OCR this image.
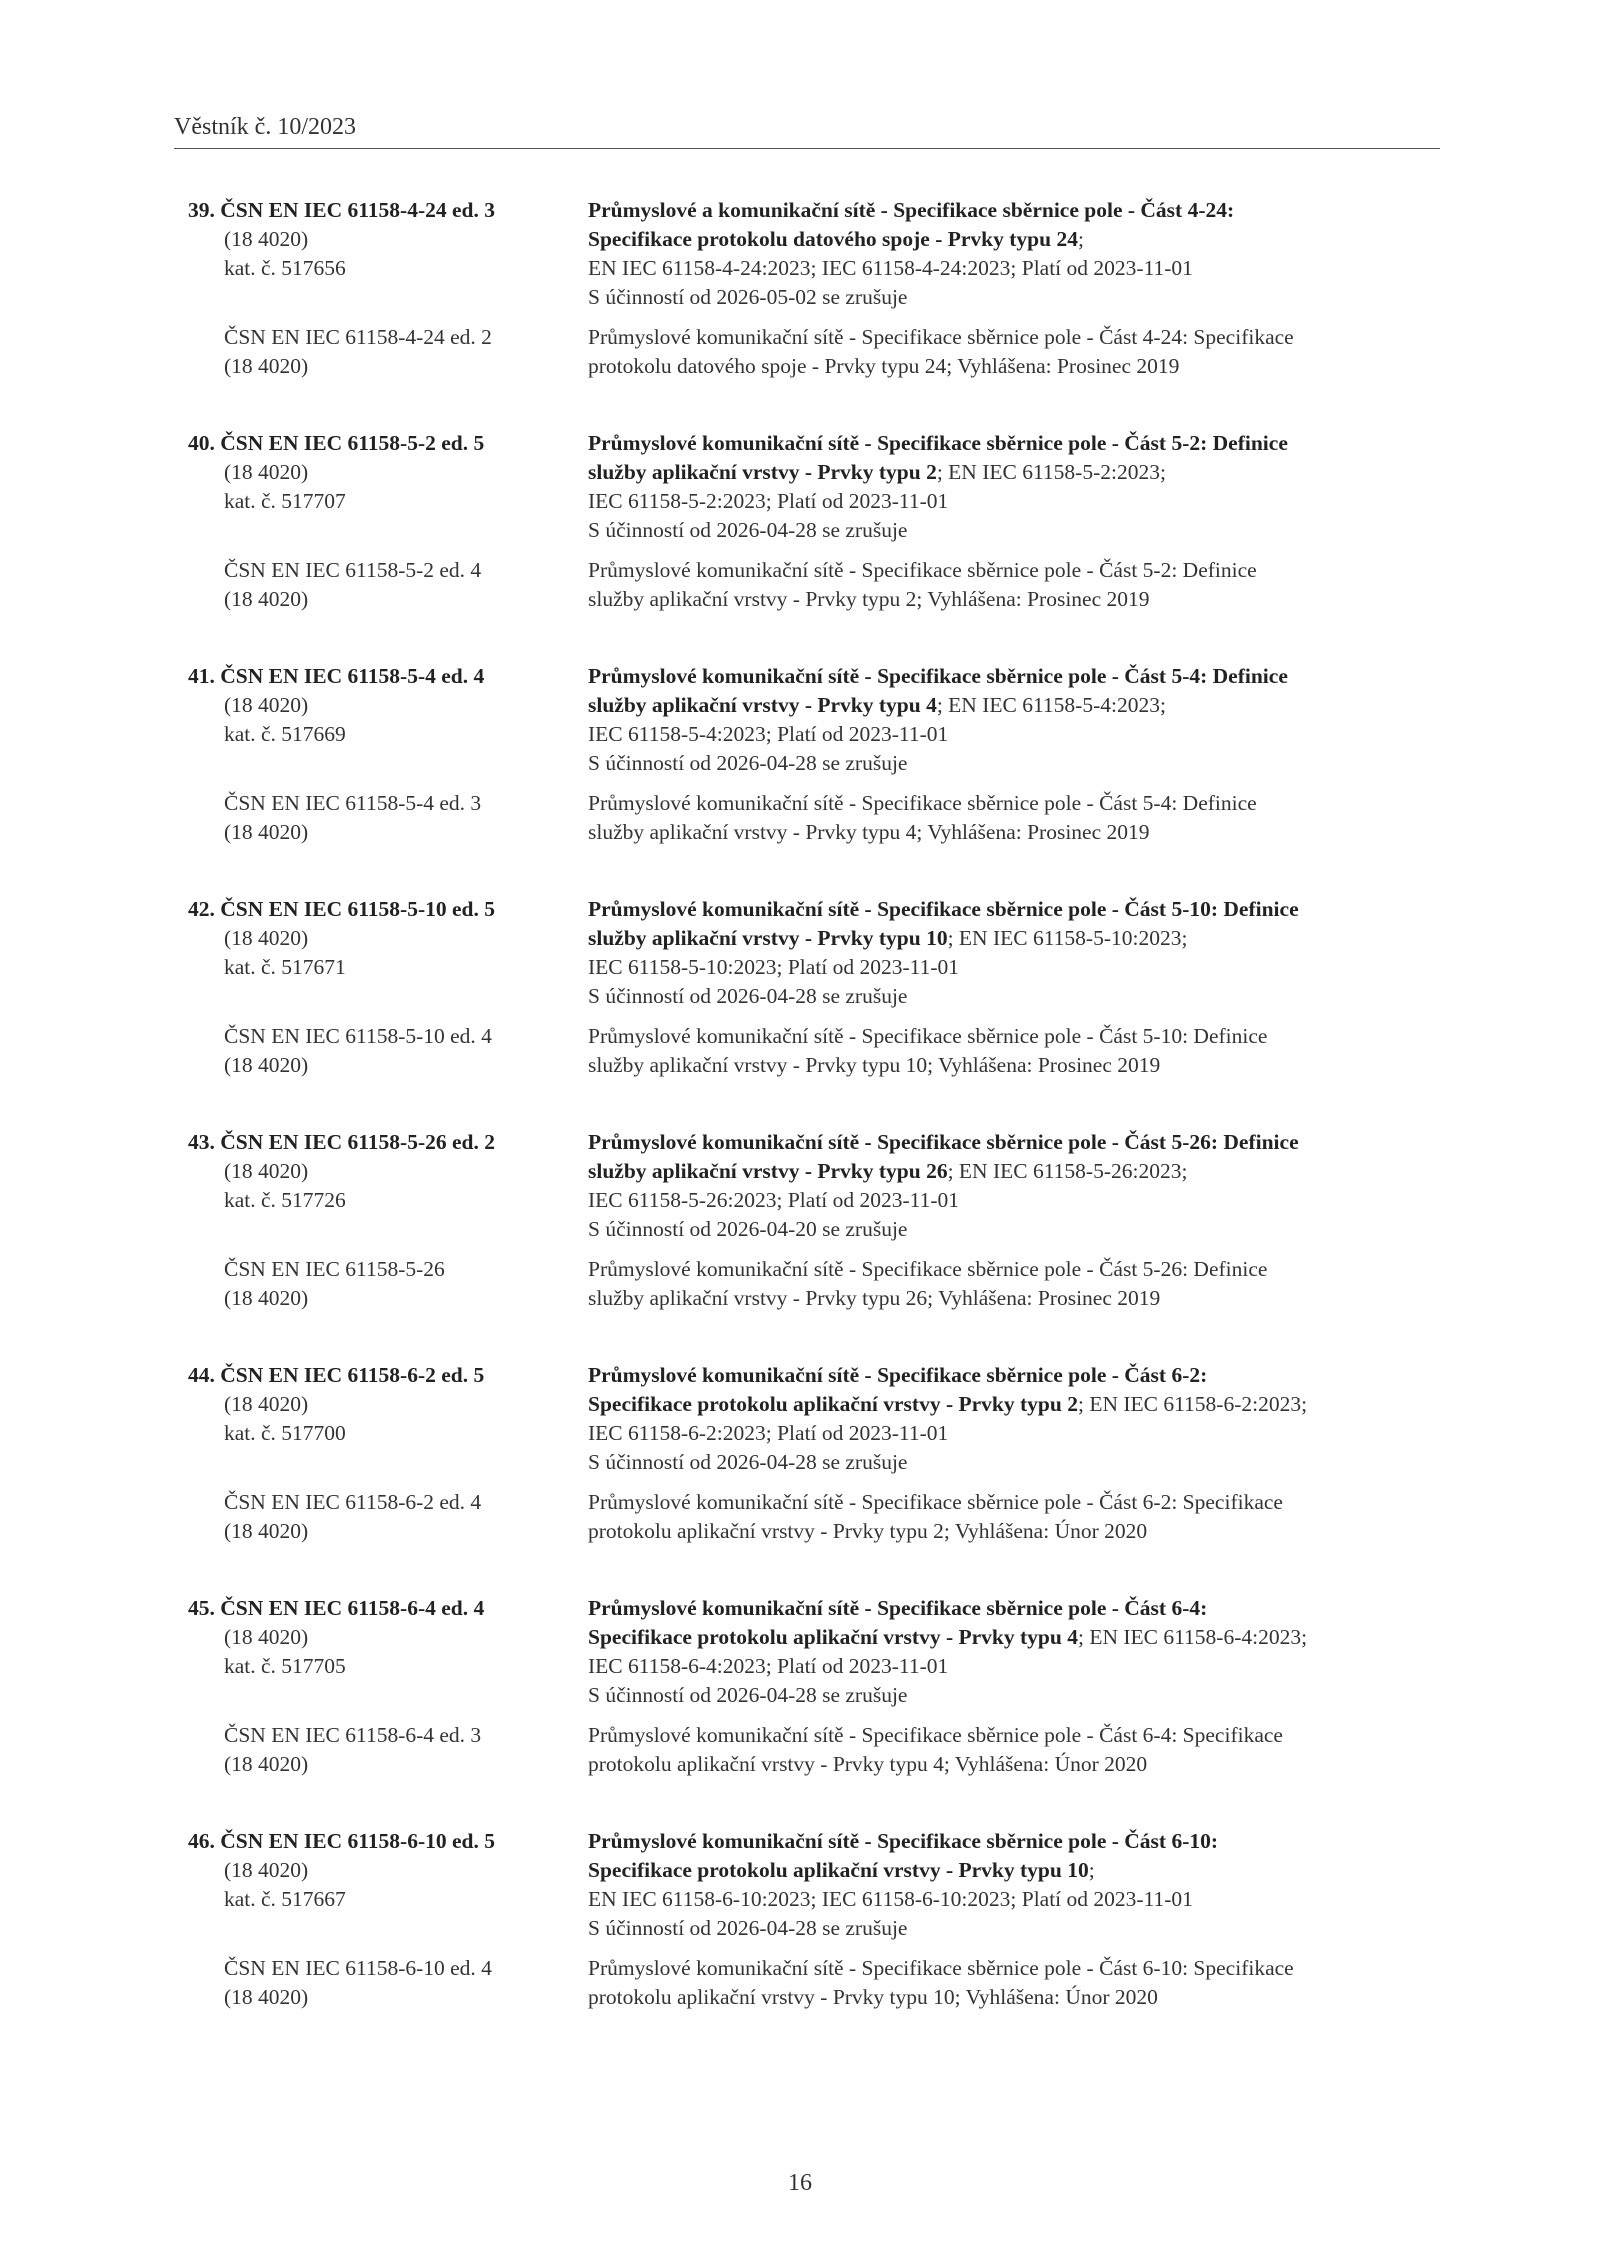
Věstník č. 10/2023
39. ČSN EN IEC 61158-4-24 ed. 3	Průmyslové a komunikační sítě - Specifikace sběrnice pole - Část 4-24:
(18 4020)	Specifikace protokolu datového spoje - Prvky typu 24;
kat. č. 517656	EN IEC 61158-4-24:2023; IEC 61158-4-24:2023; Platí od 2023-11-01
S účinností od 2026-05-02 se zrušuje
ČSN EN IEC 61158-4-24 ed. 2	Průmyslové komunikační sítě - Specifikace sběrnice pole - Část 4-24: Specifikace
(18 4020)	protokolu datového spoje - Prvky typu 24; Vyhlášena: Prosinec 2019
40. ČSN EN IEC 61158-5-2 ed. 5	Průmyslové komunikační sítě - Specifikace sběrnice pole - Část 5-2: Definice
(18 4020)	služby aplikační vrstvy - Prvky typu 2; EN IEC 61158-5-2:2023;
kat. č. 517707	IEC 61158-5-2:2023; Platí od 2023-11-01
S účinností od 2026-04-28 se zrušuje
ČSN EN IEC 61158-5-2 ed. 4	Průmyslové komunikační sítě - Specifikace sběrnice pole - Část 5-2: Definice
(18 4020)	služby aplikační vrstvy - Prvky typu 2; Vyhlášena: Prosinec 2019
41. ČSN EN IEC 61158-5-4 ed. 4	Průmyslové komunikační sítě - Specifikace sběrnice pole - Část 5-4: Definice
(18 4020)	služby aplikační vrstvy - Prvky typu 4; EN IEC 61158-5-4:2023;
kat. č. 517669	IEC 61158-5-4:2023; Platí od 2023-11-01
S účinností od 2026-04-28 se zrušuje
ČSN EN IEC 61158-5-4 ed. 3	Průmyslové komunikační sítě - Specifikace sběrnice pole - Část 5-4: Definice
(18 4020)	služby aplikační vrstvy - Prvky typu 4; Vyhlášena: Prosinec 2019
42. ČSN EN IEC 61158-5-10 ed. 5	Průmyslové komunikační sítě - Specifikace sběrnice pole - Část 5-10: Definice
(18 4020)	služby aplikační vrstvy - Prvky typu 10; EN IEC 61158-5-10:2023;
kat. č. 517671	IEC 61158-5-10:2023; Platí od 2023-11-01
S účinností od 2026-04-28 se zrušuje
ČSN EN IEC 61158-5-10 ed. 4	Průmyslové komunikační sítě - Specifikace sběrnice pole - Část 5-10: Definice
(18 4020)	služby aplikační vrstvy - Prvky typu 10; Vyhlášena: Prosinec 2019
43. ČSN EN IEC 61158-5-26 ed. 2	Průmyslové komunikační sítě - Specifikace sběrnice pole - Část 5-26: Definice
(18 4020)	služby aplikační vrstvy - Prvky typu 26; EN IEC 61158-5-26:2023;
kat. č. 517726	IEC 61158-5-26:2023; Platí od 2023-11-01
S účinností od 2026-04-20 se zrušuje
ČSN EN IEC 61158-5-26	Průmyslové komunikační sítě - Specifikace sběrnice pole - Část 5-26: Definice
(18 4020)	služby aplikační vrstvy - Prvky typu 26; Vyhlášena: Prosinec 2019
44. ČSN EN IEC 61158-6-2 ed. 5	Průmyslové komunikační sítě - Specifikace sběrnice pole - Část 6-2:
(18 4020)	Specifikace protokolu aplikační vrstvy - Prvky typu 2; EN IEC 61158-6-2:2023;
kat. č. 517700	IEC 61158-6-2:2023; Platí od 2023-11-01
S účinností od 2026-04-28 se zrušuje
ČSN EN IEC 61158-6-2 ed. 4	Průmyslové komunikační sítě - Specifikace sběrnice pole - Část 6-2: Specifikace
(18 4020)	protokolu aplikační vrstvy - Prvky typu 2; Vyhlášena: Únor 2020
45. ČSN EN IEC 61158-6-4 ed. 4	Průmyslové komunikační sítě - Specifikace sběrnice pole - Část 6-4:
(18 4020)	Specifikace protokolu aplikační vrstvy - Prvky typu 4; EN IEC 61158-6-4:2023;
kat. č. 517705	IEC 61158-6-4:2023; Platí od 2023-11-01
S účinností od 2026-04-28 se zrušuje
ČSN EN IEC 61158-6-4 ed. 3	Průmyslové komunikační sítě - Specifikace sběrnice pole - Část 6-4: Specifikace
(18 4020)	protokolu aplikační vrstvy - Prvky typu 4; Vyhlášena: Únor 2020
46. ČSN EN IEC 61158-6-10 ed. 5	Průmyslové komunikační sítě - Specifikace sběrnice pole - Část 6-10:
(18 4020)	Specifikace protokolu aplikační vrstvy - Prvky typu 10;
kat. č. 517667	EN IEC 61158-6-10:2023; IEC 61158-6-10:2023; Platí od 2023-11-01
S účinností od 2026-04-28 se zrušuje
ČSN EN IEC 61158-6-10 ed. 4	Průmyslové komunikační sítě - Specifikace sběrnice pole - Část 6-10: Specifikace
(18 4020)	protokolu aplikační vrstvy - Prvky typu 10; Vyhlášena: Únor 2020
16
